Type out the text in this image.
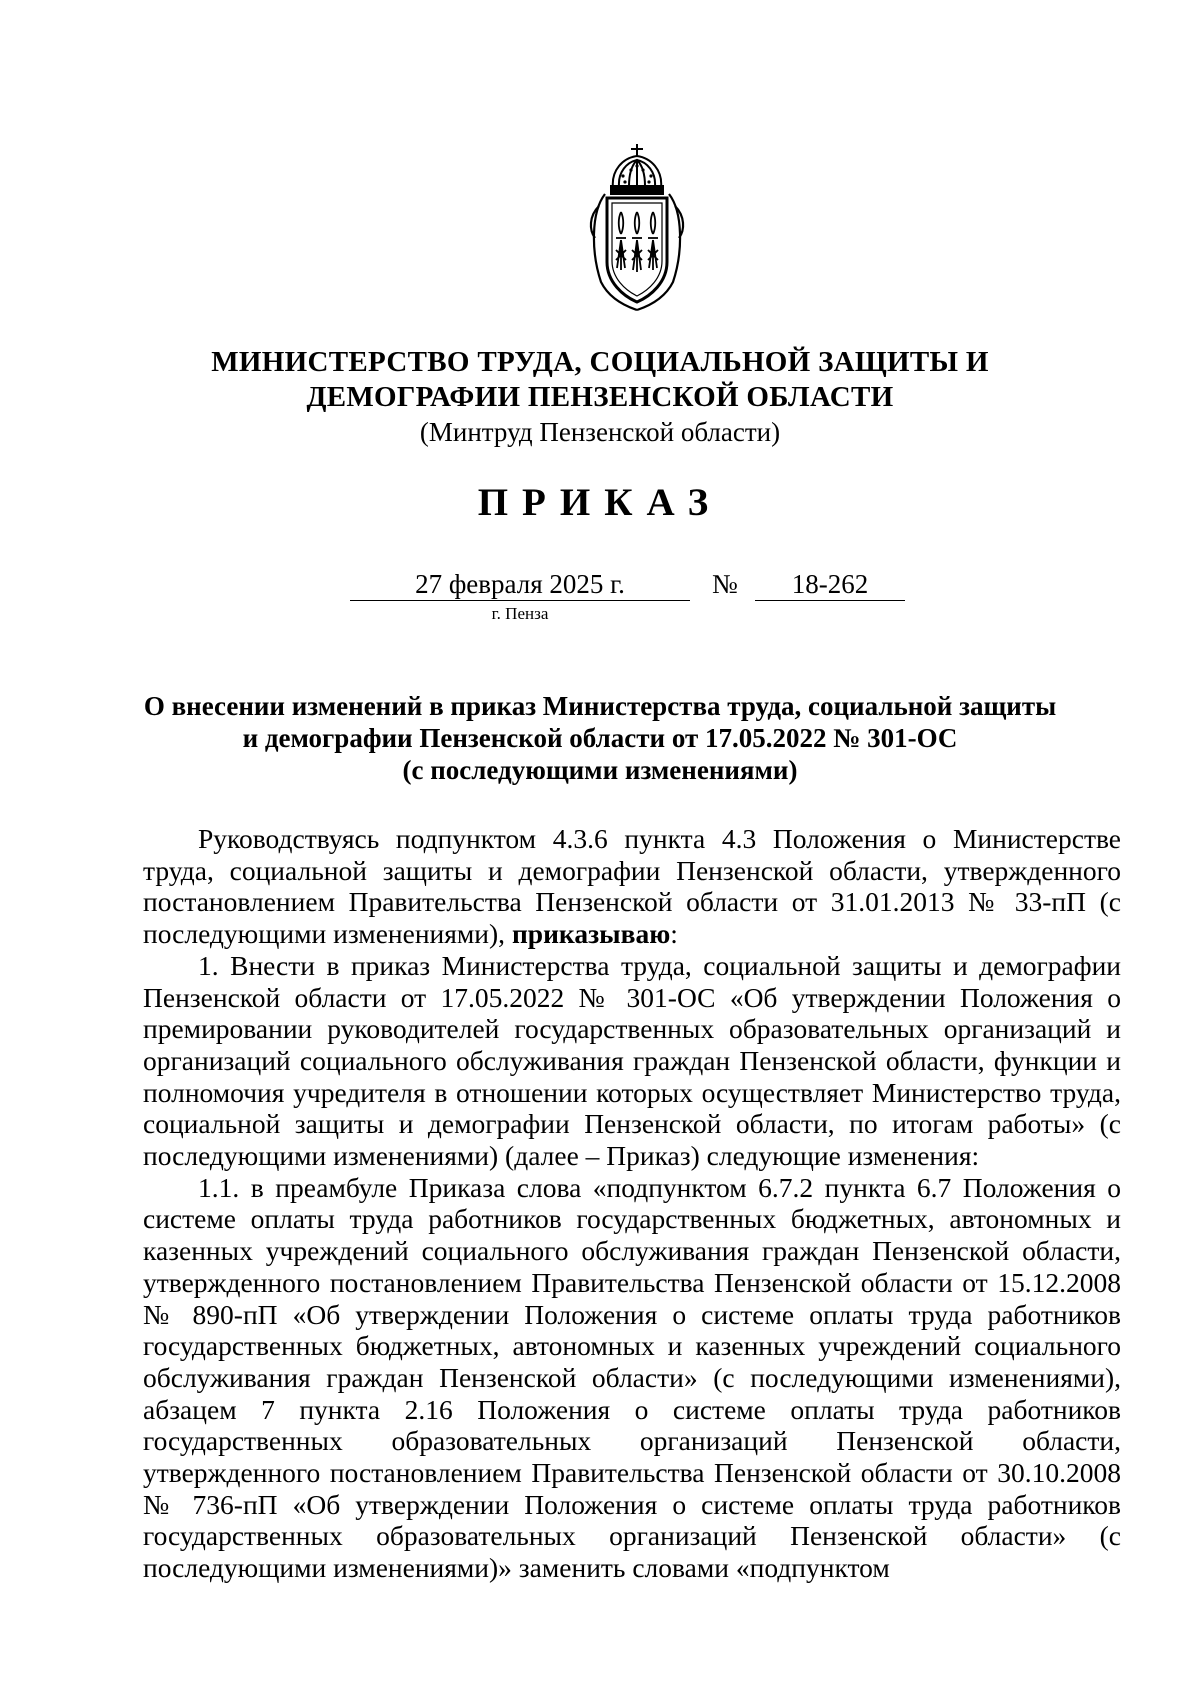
МИНИСТЕРСТВО ТРУДА, СОЦИАЛЬНОЙ ЗАЩИТЫ И
ДЕМОГРАФИИ ПЕНЗЕНСКОЙ ОБЛАСТИ
(Минтруд Пензенской области)
ПРИКАЗ
27 февраля 2025 г.	№	18-262
г. Пенза
О внесении изменений в приказ Министерства труда, социальной защиты
и демографии Пензенской области от 17.05.2022 № 301-ОС
(с последующими изменениями)

Руководствуясь подпунктом 4.3.6 пункта 4.3 Положения о Министерстве труда, социальной защиты и демографии Пензенской области, утвержденного постановлением Правительства Пензенской области от 31.01.2013 № 33-пП (с последующими изменениями), приказываю:

1. Внести в приказ Министерства труда, социальной защиты и демографии Пензенской области от 17.05.2022 № 301-ОС «Об утверждении Положения о премировании руководителей государственных образовательных организаций и организаций социального обслуживания граждан Пензенской области, функции и полномочия учредителя в отношении которых осуществляет Министерство труда, социальной защиты и демографии Пензенской области, по итогам работы» (с последующими изменениями) (далее – Приказ) следующие изменения:

1.1. в преамбуле Приказа слова «подпунктом 6.7.2 пункта 6.7 Положения о системе оплаты труда работников государственных бюджетных, автономных и казенных учреждений социального обслуживания граждан Пензенской области, утвержденного постановлением Правительства Пензенской области от 15.12.2008 № 890-пП «Об утверждении Положения о системе оплаты труда работников государственных бюджетных, автономных и казенных учреждений социального обслуживания граждан Пензенской области» (с последующими изменениями), абзацем 7 пункта 2.16 Положения о системе оплаты труда работников государственных образовательных организаций Пензенской области, утвержденного постановлением Правительства Пензенской области от 30.10.2008 № 736-пП «Об утверждении Положения о системе оплаты труда работников государственных образовательных организаций Пензенской области» (с последующими изменениями)» заменить словами «подпунктом
